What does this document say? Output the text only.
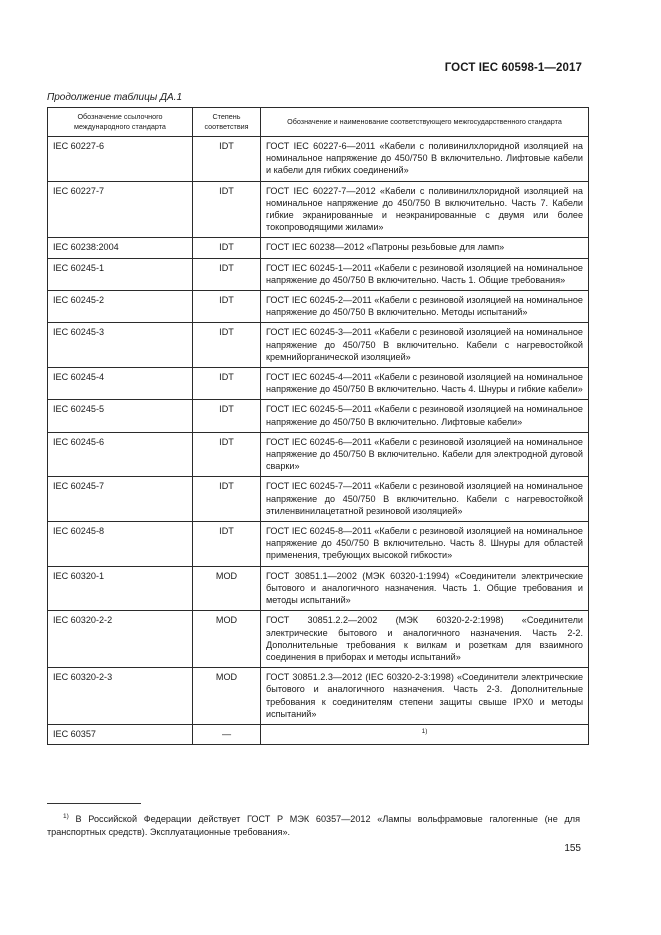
ГОСТ IEC 60598-1—2017
Продолжение таблицы ДА.1
Обозначение ссылочного международного стандарта	Степень соответствия	Обозначение и наименование соответствующего межгосударственного стандарта
IEC 60227-6	IDT	ГОСТ IEC 60227-6—2011 «Кабели с поливинилхлоридной изоляцией на номинальное напряжение до 450/750 В включительно. Лифтовые кабели и кабели для гибких соединений»
IEC 60227-7	IDT	ГОСТ IEC 60227-7—2012 «Кабели с поливинилхлоридной изоляцией на номинальное напряжение до 450/750 В включительно. Часть 7. Кабели гибкие экранированные и неэкранированные с двумя или более токопроводящими жилами»
IEC 60238:2004	IDT	ГОСТ IEC 60238—2012 «Патроны резьбовые для ламп»
IEC 60245-1	IDT	ГОСТ IEC 60245-1—2011 «Кабели с резиновой изоляцией на номинальное напряжение до 450/750 В включительно. Часть 1. Общие требования»
IEC 60245-2	IDT	ГОСТ IEC 60245-2—2011 «Кабели с резиновой изоляцией на номинальное напряжение до 450/750 В включительно. Методы испытаний»
IEC 60245-3	IDT	ГОСТ IEC 60245-3—2011 «Кабели с резиновой изоляцией на номинальное напряжение до 450/750 В включительно. Кабели с нагревостойкой кремнийорганической изоляцией»
IEC 60245-4	IDT	ГОСТ IEC 60245-4—2011 «Кабели с резиновой изоляцией на номинальное напряжение до 450/750 В включительно. Часть 4. Шнуры и гибкие кабели»
IEC 60245-5	IDT	ГОСТ IEC 60245-5—2011 «Кабели с резиновой изоляцией на номинальное напряжение до 450/750 В включительно. Лифтовые кабели»
IEC 60245-6	IDT	ГОСТ IEC 60245-6—2011 «Кабели с резиновой изоляцией на номинальное напряжение до 450/750 В включительно. Кабели для электродной дуговой сварки»
IEC 60245-7	IDT	ГОСТ IEC 60245-7—2011 «Кабели с резиновой изоляцией на номинальное напряжение до 450/750 В включительно. Кабели с нагревостойкой этиленвинилацетатной резиновой изоляцией»
IEC 60245-8	IDT	ГОСТ IEC 60245-8—2011 «Кабели с резиновой изоляцией на номинальное напряжение до 450/750 В включительно. Часть 8. Шнуры для областей применения, требующих высокой гибкости»
IEC 60320-1	MOD	ГОСТ 30851.1—2002 (МЭК 60320-1:1994) «Соединители электрические бытового и аналогичного назначения. Часть 1. Общие требования и методы испытаний»
IEC 60320-2-2	MOD	ГОСТ 30851.2.2—2002 (МЭК 60320-2-2:1998) «Соединители электрические бытового и аналогичного назначения. Часть 2-2. Дополнительные требования к вилкам и розеткам для взаимного соединения в приборах и методы испытаний»
IEC 60320-2-3	MOD	ГОСТ 30851.2.3—2012 (IEC 60320-2-3:1998) «Соединители электрические бытового и аналогичного назначения. Часть 2-3. Дополнительные требования к соединителям степени защиты свыше IPX0 и методы испытаний»
IEC 60357	—	1)
$^{1)}$ В Российской Федерации действует ГОСТ Р МЭК 60357—2012 «Лампы вольфрамовые галогенные (не для транспортных средств). Эксплуатационные требования».
155
